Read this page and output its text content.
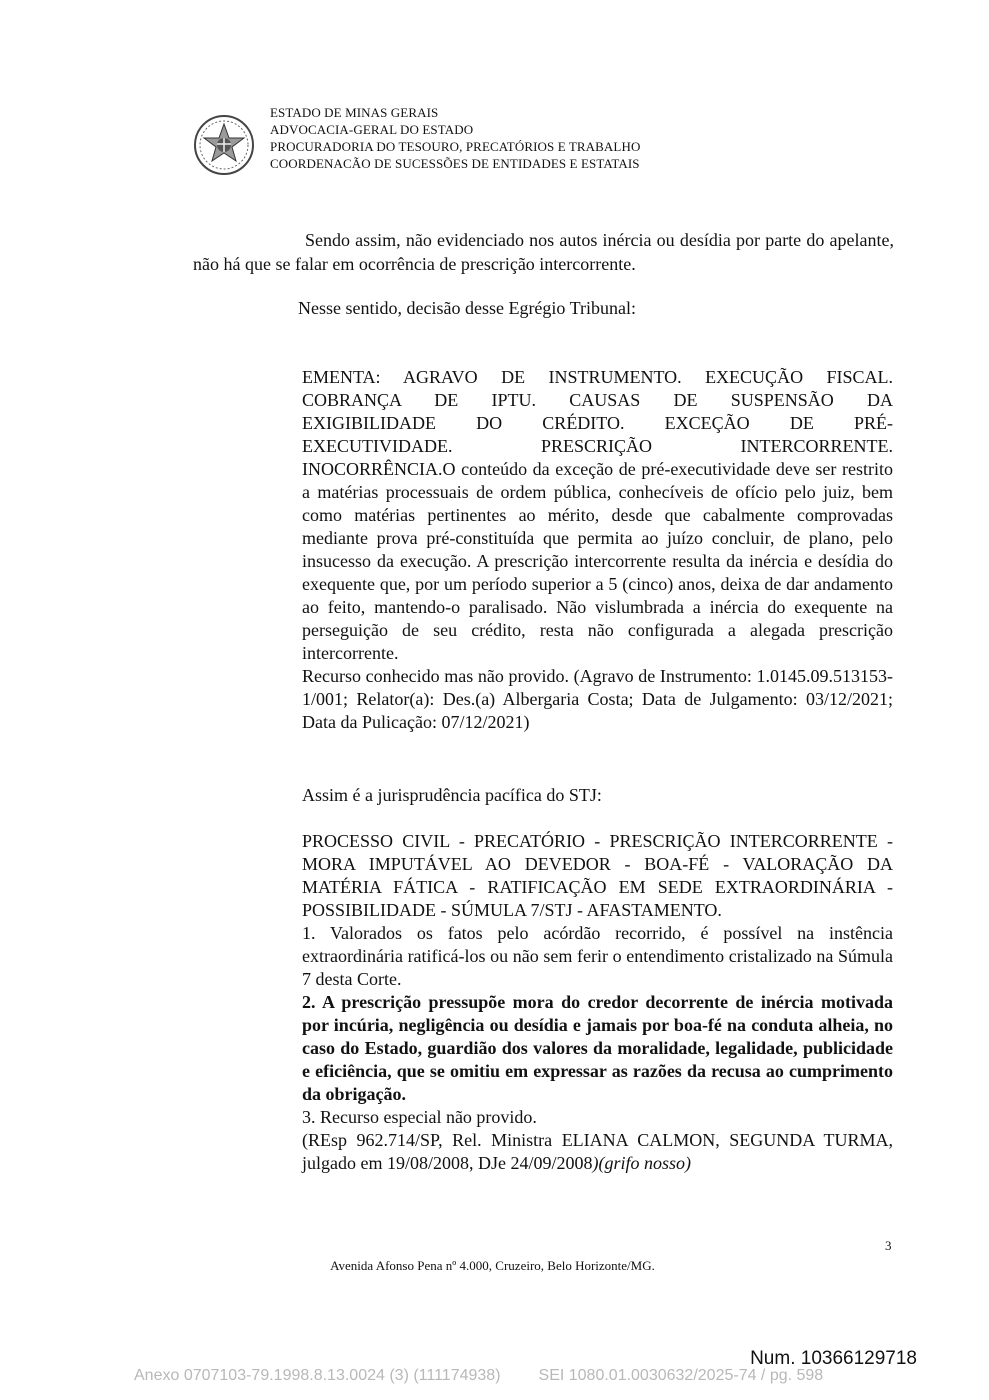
ESTADO DE MINAS GERAIS
ADVOCACIA-GERAL DO ESTADO
PROCURADORIA DO TESOURO, PRECATÓRIOS E TRABALHO
COORDENACÃO DE SUCESSÕES DE ENTIDADES E ESTATAIS
Sendo assim, não evidenciado nos autos inércia ou desídia por parte do apelante, não há que se falar em ocorrência de prescrição intercorrente.
Nesse sentido, decisão desse Egrégio Tribunal:
EMENTA: AGRAVO DE INSTRUMENTO. EXECUÇÃO FISCAL.
COBRANÇA DE IPTU. CAUSAS DE SUSPENSÃO DA
EXIGIBILIDADE DO CRÉDITO. EXCEÇÃO DE PRÉ-
EXECUTIVIDADE. PRESCRIÇÃO INTERCORRENTE.
INOCORRÊNCIA.O conteúdo da exceção de pré-executividade deve ser restrito a matérias processuais de ordem pública, conhecíveis de ofício pelo juiz, bem como matérias pertinentes ao mérito, desde que cabalmente comprovadas mediante prova pré-constituída que permita ao juízo concluir, de plano, pelo insucesso da execução. A prescrição intercorrente resulta da inércia e desídia do exequente que, por um período superior a 5 (cinco) anos, deixa de dar andamento ao feito, mantendo-o paralisado. Não vislumbrada a inércia do exequente na perseguição de seu crédito, resta não configurada a alegada prescrição intercorrente.
Recurso conhecido mas não provido. (Agravo de Instrumento: 1.0145.09.513153-1/001; Relator(a): Des.(a) Albergaria Costa; Data de Julgamento: 03/12/2021; Data da Pulicação: 07/12/2021)
Assim é a jurisprudência pacífica do STJ:
PROCESSO CIVIL - PRECATÓRIO - PRESCRIÇÃO INTERCORRENTE - MORA IMPUTÁVEL AO DEVEDOR - BOA-FÉ - VALORAÇÃO DA MATÉRIA FÁTICA - RATIFICAÇÃO EM SEDE EXTRAORDINÁRIA - POSSIBILIDADE - SÚMULA 7/STJ - AFASTAMENTO.
1. Valorados os fatos pelo acórdão recorrido, é possível na instência extraordinária ratificá-los ou não sem ferir o entendimento cristalizado na Súmula 7 desta Corte.
2. A prescrição pressupõe mora do credor decorrente de inércia motivada por incúria, negligência ou desídia e jamais por boa-fé na conduta alheia, no caso do Estado, guardião dos valores da moralidade, legalidade, publicidade e eficiência, que se omitiu em expressar as razões da recusa ao cumprimento da obrigação.
3. Recurso especial não provido.
(REsp 962.714/SP, Rel. Ministra ELIANA CALMON, SEGUNDA TURMA, julgado em 19/08/2008, DJe 24/09/2008)(grifo nosso)
3
Avenida Afonso Pena nº 4.000, Cruzeiro, Belo Horizonte/MG.
Num. 10366129718
Anexo 0707103-79.1998.8.13.0024 (3) (111174938) SEI 1080.01.0030632/2025-74 / pg. 598
